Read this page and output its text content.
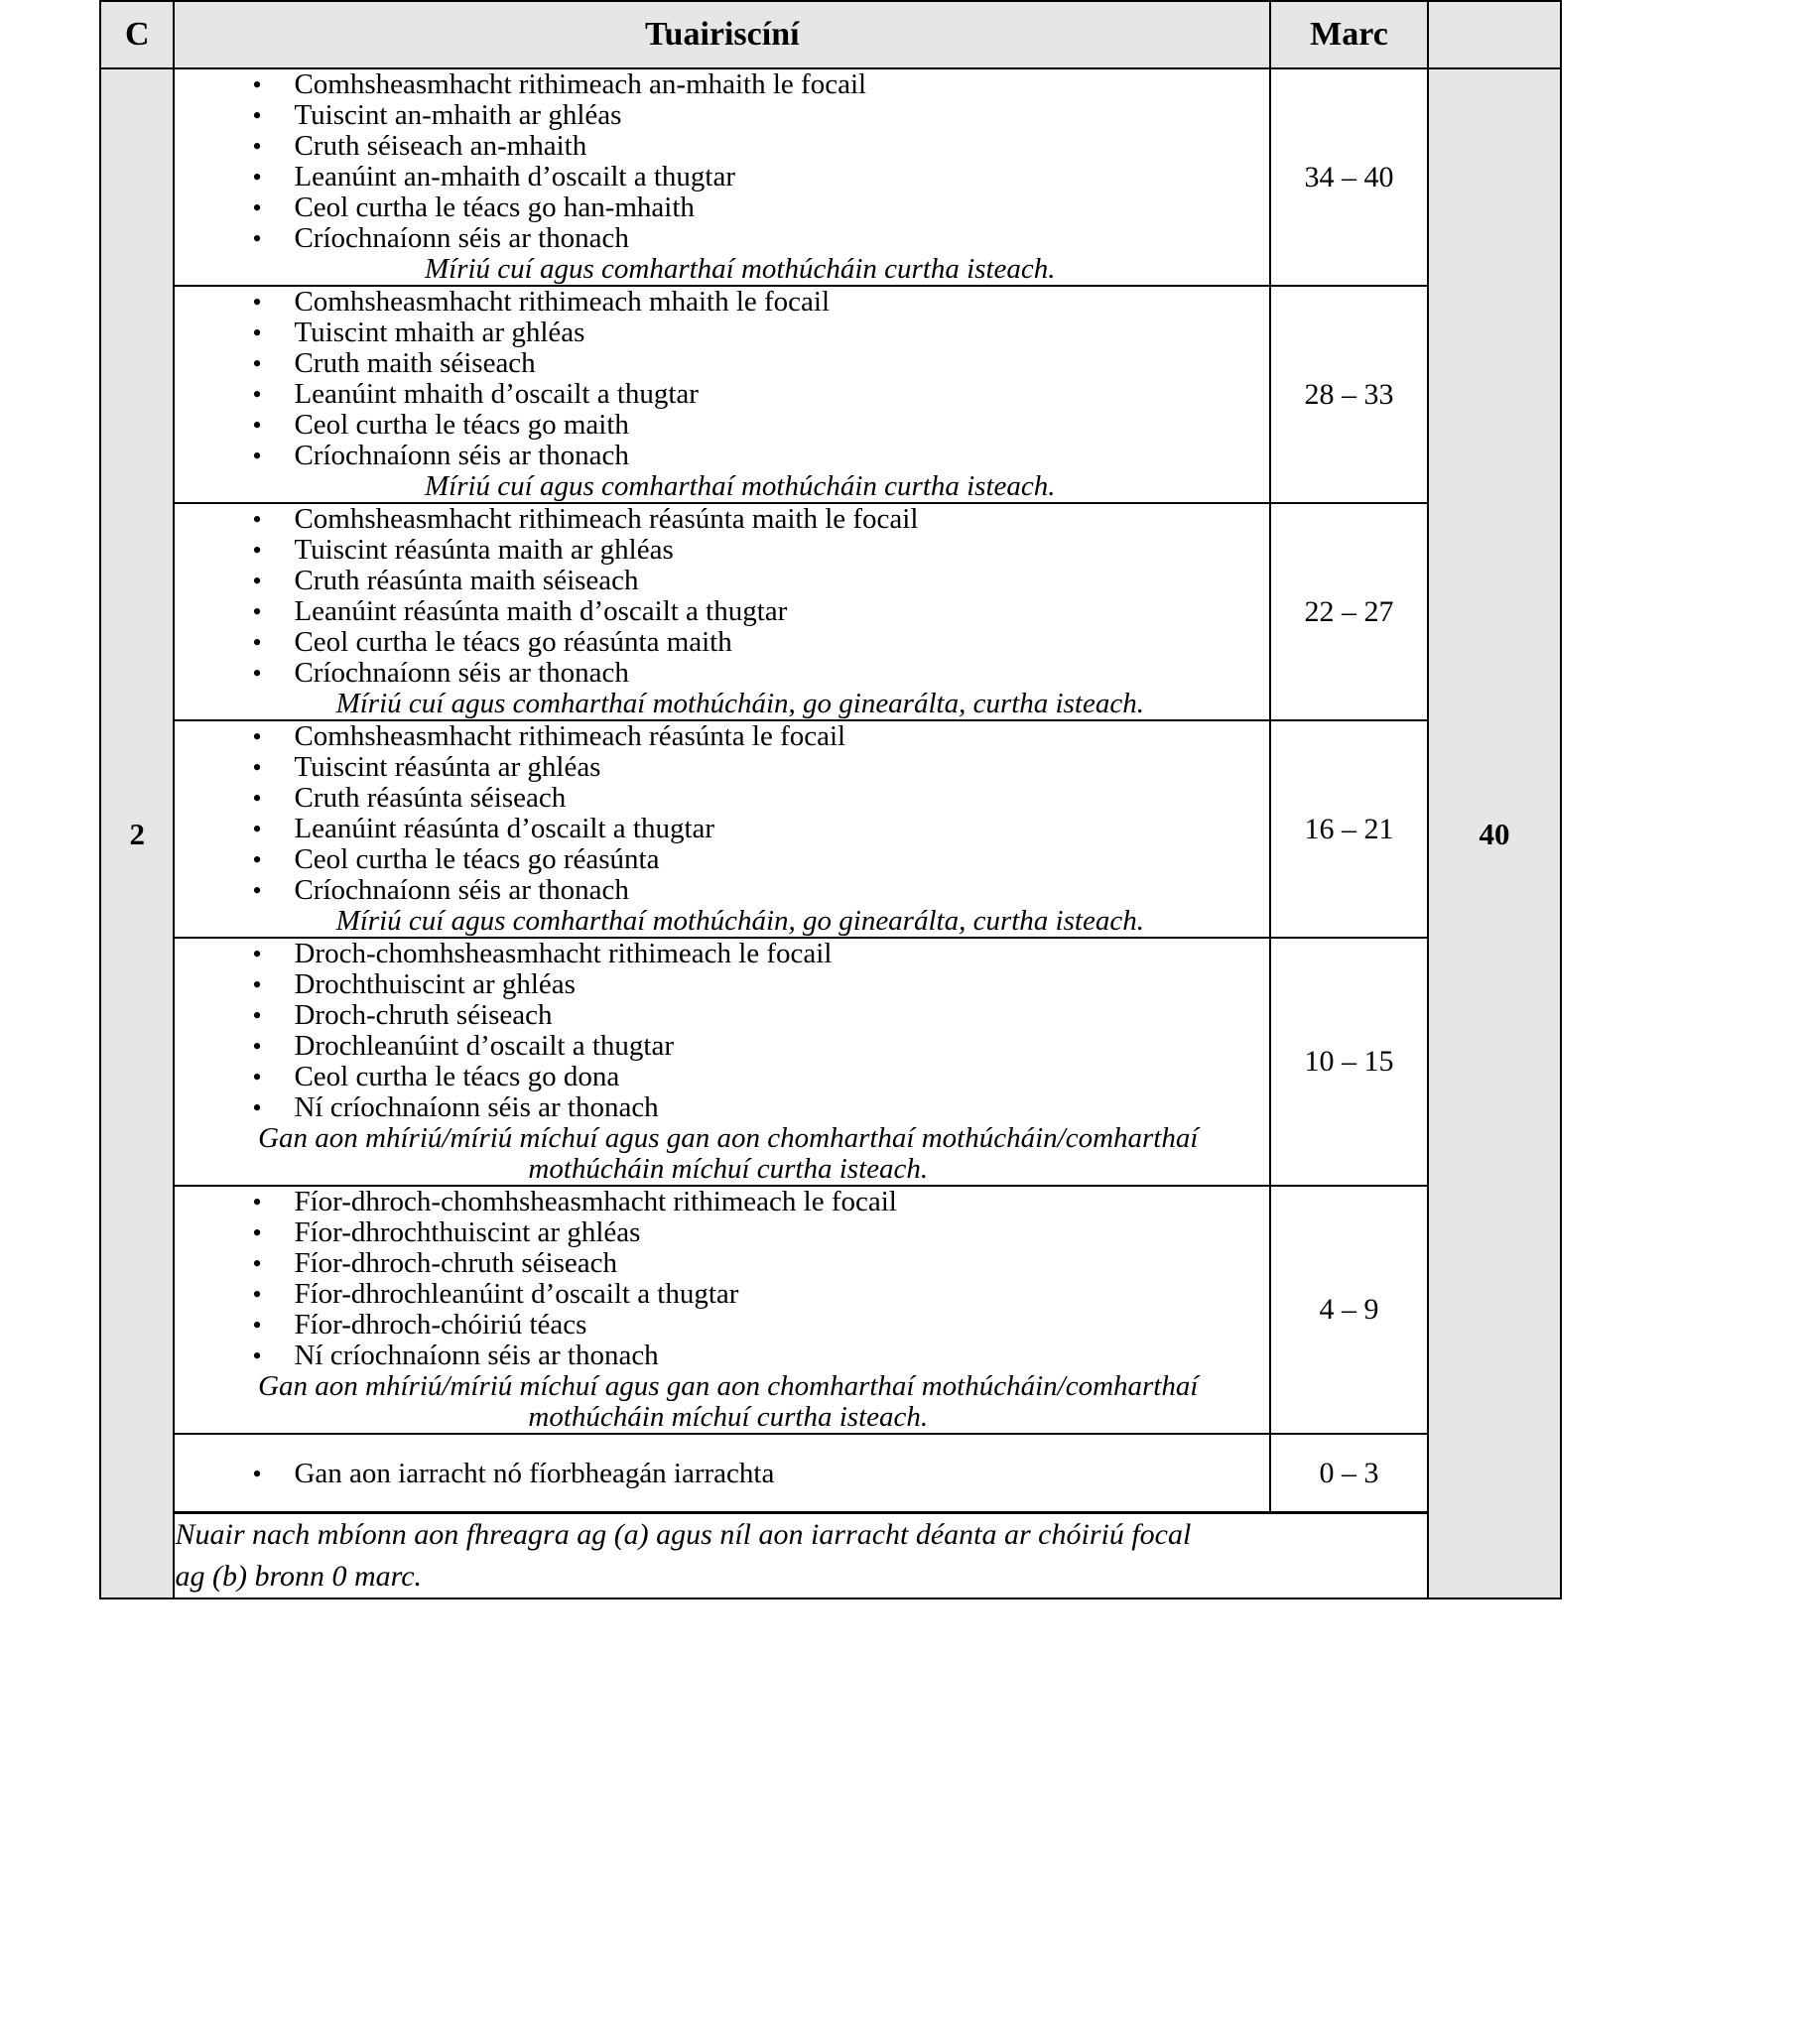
C	Tuairiscíní	Marc	
2	
• Comhsheasmhacht rithimeach an-mhaith le focail
• Tuiscint an-mhaith ar ghléas
• Cruth séiseach an-mhaith
• Leanúint an-mhaith d’oscailt a thugtar
• Ceol curtha le téacs go han-mhaith
• Críochnaíonn séis ar thonach
Míriú cuí agus comharthaí mothúcháin curtha isteach.
	34 – 40	40

• Comhsheasmhacht rithimeach mhaith le focail
• Tuiscint mhaith ar ghléas
• Cruth maith séiseach
• Leanúint mhaith d’oscailt a thugtar
• Ceol curtha le téacs go maith
• Críochnaíonn séis ar thonach
Míriú cuí agus comharthaí mothúcháin curtha isteach.
	28 – 33

• Comhsheasmhacht rithimeach réasúnta maith le focail
• Tuiscint réasúnta maith ar ghléas
• Cruth réasúnta maith séiseach
• Leanúint réasúnta maith d’oscailt a thugtar
• Ceol curtha le téacs go réasúnta maith
• Críochnaíonn séis ar thonach
Míriú cuí agus comharthaí mothúcháin, go ginearálta, curtha isteach.
	22 – 27

• Comhsheasmhacht rithimeach réasúnta le focail
• Tuiscint réasúnta ar ghléas
• Cruth réasúnta séiseach
• Leanúint réasúnta d’oscailt a thugtar
• Ceol curtha le téacs go réasúnta
• Críochnaíonn séis ar thonach
Míriú cuí agus comharthaí mothúcháin, go ginearálta, curtha isteach.
	16 – 21

• Droch-chomhsheasmhacht rithimeach le focail
• Drochthuiscint ar ghléas
• Droch-chruth séiseach
• Drochleanúint d’oscailt a thugtar
• Ceol curtha le téacs go dona
• Ní críochnaíonn séis ar thonach
Gan aon mhíriú/míriú míchuí agus gan aon chomharthaí mothúcháin/comharthaí
mothúcháin míchuí curtha isteach.
	10 – 15

• Fíor-dhroch-chomhsheasmhacht rithimeach le focail
• Fíor-dhrochthuiscint ar ghléas
• Fíor-dhroch-chruth séiseach
• Fíor-dhrochleanúint d’oscailt a thugtar
• Fíor-dhroch-chóiriú téacs
• Ní críochnaíonn séis ar thonach
Gan aon mhíriú/míriú míchuí agus gan aon chomharthaí mothúcháin/comharthaí
mothúcháin míchuí curtha isteach.
	4 – 9

• Gan aon iarracht nó fíorbheagán iarrachta	0 – 3

	Nuair nach mbíonn aon fhreagra ag (a) agus níl aon iarracht déanta ar chóiriú focal
ag (b) bronn 0 marc.		
